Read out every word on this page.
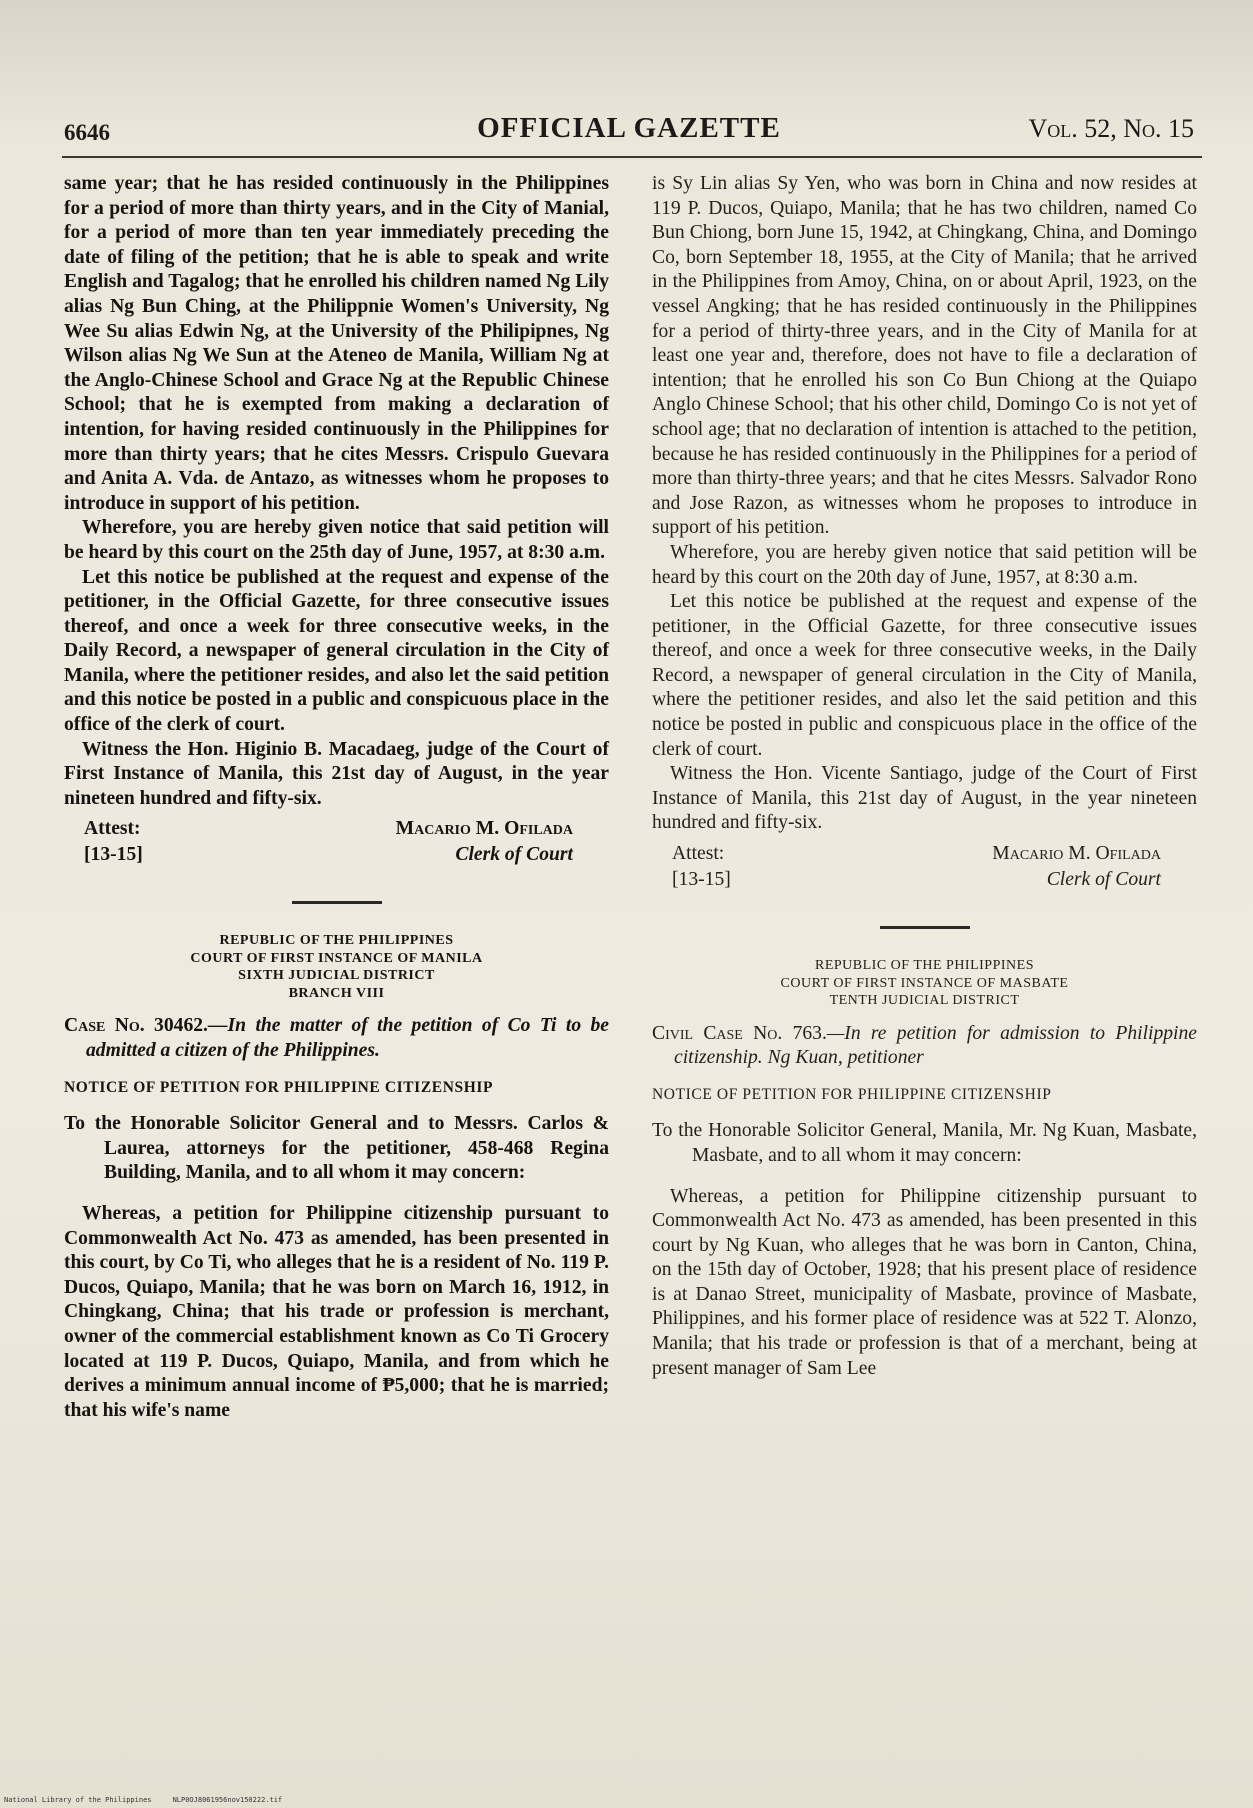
6646	OFFICIAL GAZETTE	Vol. 52, No. 15

same year; that he has resided continuously in the Philippines for a period of more than thirty years, and in the City of Manial, for a period of more than ten year immediately preceding the date of filing of the petition; that he is able to speak and write English and Tagalog; that he enrolled his children named Ng Lily alias Ng Bun Ching, at the Philippnie Women's University, Ng Wee Su alias Edwin Ng, at the University of the Philipipnes, Ng Wilson alias Ng We Sun at the Ateneo de Manila, William Ng at the Anglo-Chinese School and Grace Ng at the Republic Chinese School; that he is exempted from making a declaration of intention, for having resided continuously in the Philippines for more than thirty years; that he cites Messrs. Crispulo Guevara and Anita A. Vda. de Antazo, as witnesses whom he proposes to introduce in support of his petition.

Wherefore, you are hereby given notice that said petition will be heard by this court on the 25th day of June, 1957, at 8:30 a.m.

Let this notice be published at the request and expense of the petitioner, in the Official Gazette, for three consecutive issues thereof, and once a week for three consecutive weeks, in the Daily Record, a newspaper of general circulation in the City of Manila, where the petitioner resides, and also let the said petition and this notice be posted in a public and conspicuous place in the office of the clerk of court.

Witness the Hon. Higinio B. Macadaeg, judge of the Court of First Instance of Manila, this 21st day of August, in the year nineteen hundred and fifty-six.

Attest:
[13-15]
Macario M. Ofilada
Clerk of Court
REPUBLIC OF THE PHILIPPINES
COURT OF FIRST INSTANCE OF MANILA
SIXTH JUDICIAL DISTRICT
BRANCH VIII

Case No. 30462.—In the matter of the petition of Co Ti to be admitted a citizen of the Philippines.

NOTICE OF PETITION FOR PHILIPPINE CITIZENSHIP

To the Honorable Solicitor General and to Messrs. Carlos & Laurea, attorneys for the petitioner, 458-468 Regina Building, Manila, and to all whom it may concern:

Whereas, a petition for Philippine citizenship pursuant to Commonwealth Act No. 473 as amended, has been presented in this court, by Co Ti, who alleges that he is a resident of No. 119 P. Ducos, Quiapo, Manila; that he was born on March 16, 1912, in Chingkang, China; that his trade or profession is merchant, owner of the commercial establishment known as Co Ti Grocery located at 119 P. Ducos, Quiapo, Manila, and from which he derives a minimum annual income of ₱5,000; that he is married; that his wife's name

is Sy Lin alias Sy Yen, who was born in China and now resides at 119 P. Ducos, Quiapo, Manila; that he has two children, named Co Bun Chiong, born June 15, 1942, at Chingkang, China, and Domingo Co, born September 18, 1955, at the City of Manila; that he arrived in the Philippines from Amoy, China, on or about April, 1923, on the vessel Angking; that he has resided continuously in the Philippines for a period of thirty-three years, and in the City of Manila for at least one year and, therefore, does not have to file a declaration of intention; that he enrolled his son Co Bun Chiong at the Quiapo Anglo Chinese School; that his other child, Domingo Co is not yet of school age; that no declaration of intention is attached to the petition, because he has resided continuously in the Philippines for a period of more than thirty-three years; and that he cites Messrs. Salvador Rono and Jose Razon, as witnesses whom he proposes to introduce in support of his petition.

Wherefore, you are hereby given notice that said petition will be heard by this court on the 20th day of June, 1957, at 8:30 a.m.

Let this notice be published at the request and expense of the petitioner, in the Official Gazette, for three consecutive issues thereof, and once a week for three consecutive weeks, in the Daily Record, a newspaper of general circulation in the City of Manila, where the petitioner resides, and also let the said petition and this notice be posted in public and conspicuous place in the office of the clerk of court.

Witness the Hon. Vicente Santiago, judge of the Court of First Instance of Manila, this 21st day of August, in the year nineteen hundred and fifty-six.

Attest:
[13-15]
Macario M. Ofilada
Clerk of Court
REPUBLIC OF THE PHILIPPINES
COURT OF FIRST INSTANCE OF MASBATE
TENTH JUDICIAL DISTRICT

Civil Case No. 763.—In re petition for admission to Philippine citizenship. Ng Kuan, petitioner

NOTICE OF PETITION FOR PHILIPPINE CITIZENSHIP

To the Honorable Solicitor General, Manila, Mr. Ng Kuan, Masbate, Masbate, and to all whom it may concern:

Whereas, a petition for Philippine citizenship pursuant to Commonwealth Act No. 473 as amended, has been presented in this court by Ng Kuan, who alleges that he was born in Canton, China, on the 15th day of October, 1928; that his present place of residence is at Danao Street, municipality of Masbate, province of Masbate, Philippines, and his former place of residence was at 522 T. Alonzo, Manila; that his trade or profession is that of a merchant, being at present manager of Sam Lee

National Library of the Philippines     NLP0OJ8061956nov150222.tif
